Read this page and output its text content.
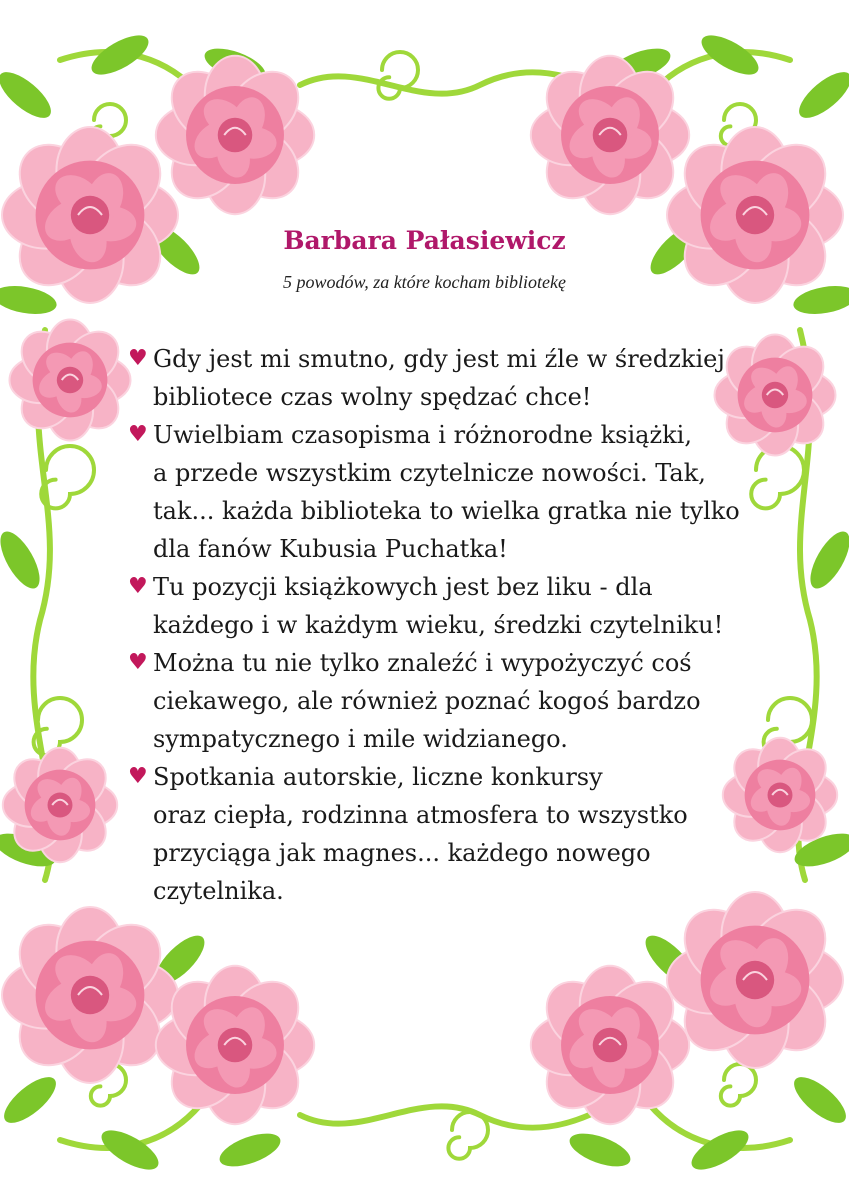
Barbara Pałasiewicz
5 powodów, za które kocham bibliotekę
♥ Gdy jest mi smutno, gdy jest mi źle w średzkiej
bibliotece czas wolny spędzać chce!
♥ Uwielbiam czasopisma i różnorodne książki,
a przede wszystkim czytelnicze nowości. Tak,
tak... każda biblioteka to wielka gratka nie tylko
dla fanów Kubusia Puchatka!
♥ Tu pozycji książkowych jest bez liku - dla
każdego i w każdym wieku, średzki czytelniku!
♥ Można tu nie tylko znaleźć i wypożyczyć coś
ciekawego, ale również poznać kogoś bardzo
sympatycznego i mile widzianego.
♥ Spotkania autorskie, liczne konkursy
oraz ciepła, rodzinna atmosfera to wszystko
przyciąga jak magnes... każdego nowego
czytelnika.
